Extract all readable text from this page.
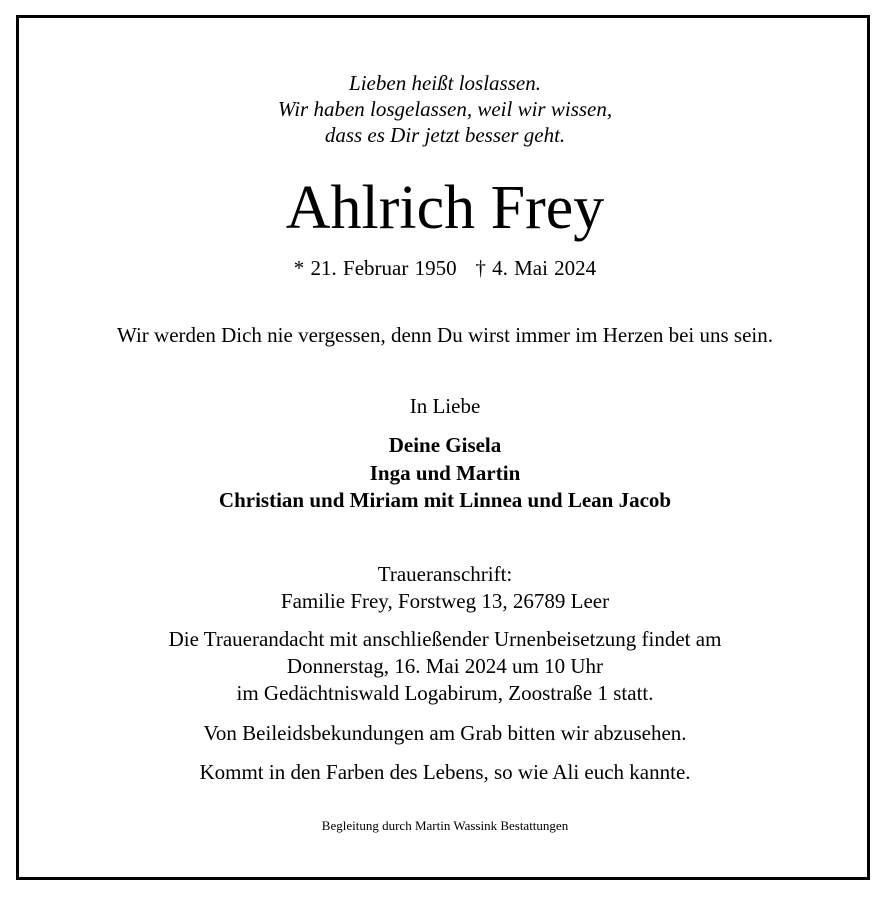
Lieben heißt loslassen.
Wir haben losgelassen, weil wir wissen,
dass es Dir jetzt besser geht.
Ahlrich Frey
* 21. Februar 1950   † 4. Mai 2024
Wir werden Dich nie vergessen, denn Du wirst immer im Herzen bei uns sein.
In Liebe
Deine Gisela
Inga und Martin
Christian und Miriam mit Linnea und Lean Jacob
Traueranschrift:
Familie Frey, Forstweg 13, 26789 Leer
Die Trauerandacht mit anschließender Urnenbeisetzung findet am
Donnerstag, 16. Mai 2024 um 10 Uhr
im Gedächtniswald Logabirum, Zoostraße 1 statt.
Von Beileidsbekundungen am Grab bitten wir abzusehen.
Kommt in den Farben des Lebens, so wie Ali euch kannte.
Begleitung durch Martin Wassink Bestattungen
